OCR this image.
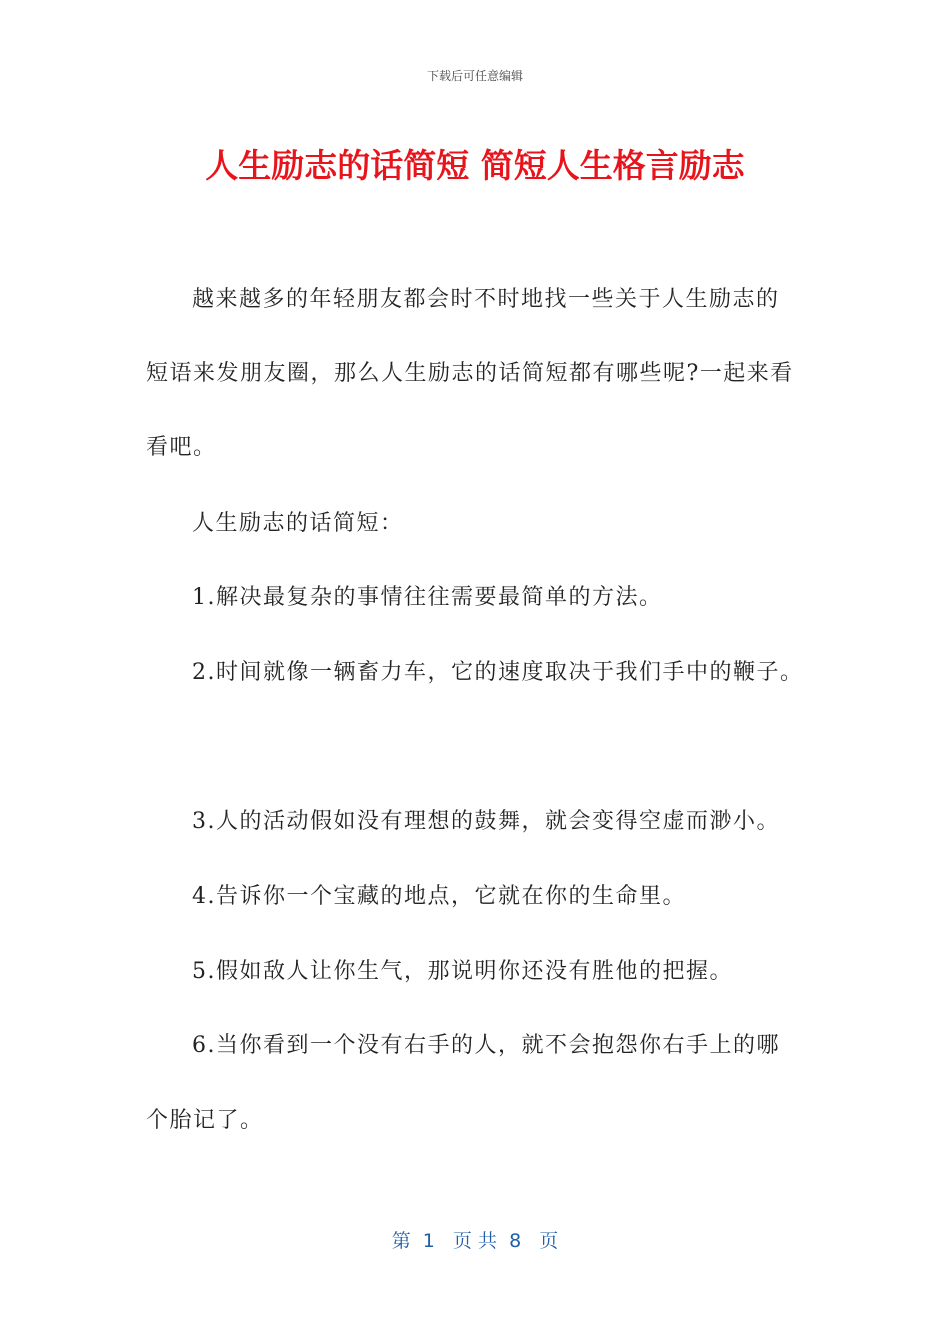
下载后可任意编辑
人生励志的话简短 简短人生格言励志
越来越多的年轻朋友都会时不时地找一些关于人生励志的
短语来发朋友圈，那么人生励志的话简短都有哪些呢?一起来看
看吧。
人生励志的话简短：
1.解决最复杂的事情往往需要最简单的方法。
2.时间就像一辆畜力车，它的速度取决于我们手中的鞭子。
3.人的活动假如没有理想的鼓舞，就会变得空虚而渺小。
4.告诉你一个宝藏的地点，它就在你的生命里。
5.假如敌人让你生气，那说明你还没有胜他的把握。
6.当你看到一个没有右手的人，就不会抱怨你右手上的哪
个胎记了。
第  1   页 共  8   页
